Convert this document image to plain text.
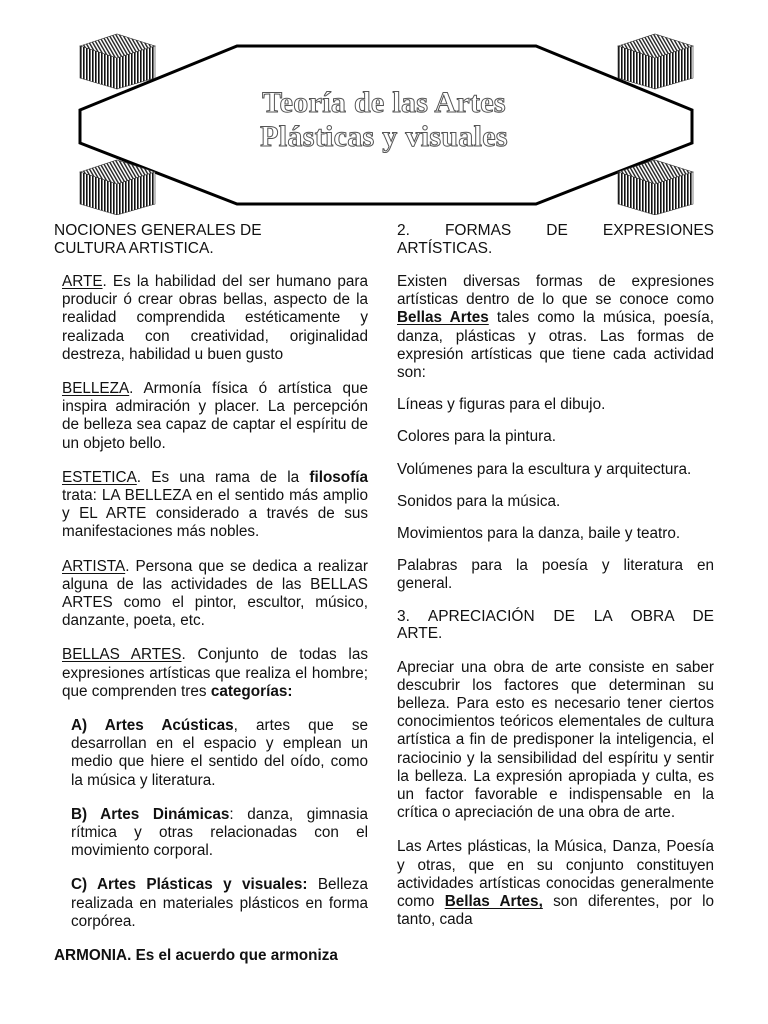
Teoría de las Artes
Plásticas y visuales
NOCIONES GENERALES DE
CULTURA ARTISTICA.

ARTE. Es la habilidad del ser humano para producir ó crear obras bellas, aspecto de la realidad comprendida estéticamente y realizada con creatividad, originalidad destreza, habilidad u buen gusto

BELLEZA. Armonía física ó artística que inspira admiración y placer. La percepción de belleza sea capaz de captar el espíritu de un objeto bello.

ESTETICA. Es una rama de la filosofía trata: LA BELLEZA en el sentido más amplio y EL ARTE considerado a través de sus manifestaciones más nobles.

ARTISTA. Persona que se dedica a realizar alguna de las actividades de las BELLAS ARTES como el pintor, escultor, músico, danzante, poeta, etc.

BELLAS ARTES. Conjunto de todas las expresiones artísticas que realiza el hombre; que comprenden tres categorías:

A) Artes Acústicas, artes que se desarrollan en el espacio y emplean un medio que hiere el sentido del oído, como la música y literatura.

B) Artes Dinámicas: danza, gimnasia rítmica y otras relacionadas con el movimiento corporal.

C) Artes Plásticas y visuales: Belleza realizada en materiales plásticos en forma corpórea.

ARMONIA. Es el acuerdo que armoniza

2. FORMAS DE EXPRESIONES
ARTÍSTICAS.

Existen diversas formas de expresiones artísticas dentro de lo que se conoce como Bellas Artes tales como la música, poesía, danza, plásticas y otras. Las formas de expresión artísticas que tiene cada actividad son:

Líneas y figuras para el dibujo.

Colores para la pintura.

Volúmenes para la escultura y arquitectura.

Sonidos para la música.

Movimientos para la danza, baile y teatro.

Palabras para la poesía y literatura en general.

3. APRECIACIÓN DE LA OBRA DE
ARTE.

Apreciar una obra de arte consiste en saber descubrir los factores que determinan su belleza. Para esto es necesario tener ciertos conocimientos teóricos elementales de cultura artística a fin de predisponer la inteligencia, el raciocinio y la sensibilidad del espíritu y sentir la belleza. La expresión apropiada y culta, es un factor favorable e indispensable en la crítica o apreciación de una obra de arte.

Las Artes plásticas, la Música, Danza, Poesía y otras, que en su conjunto constituyen actividades artísticas conocidas generalmente como Bellas Artes, son diferentes, por lo tanto, cada
